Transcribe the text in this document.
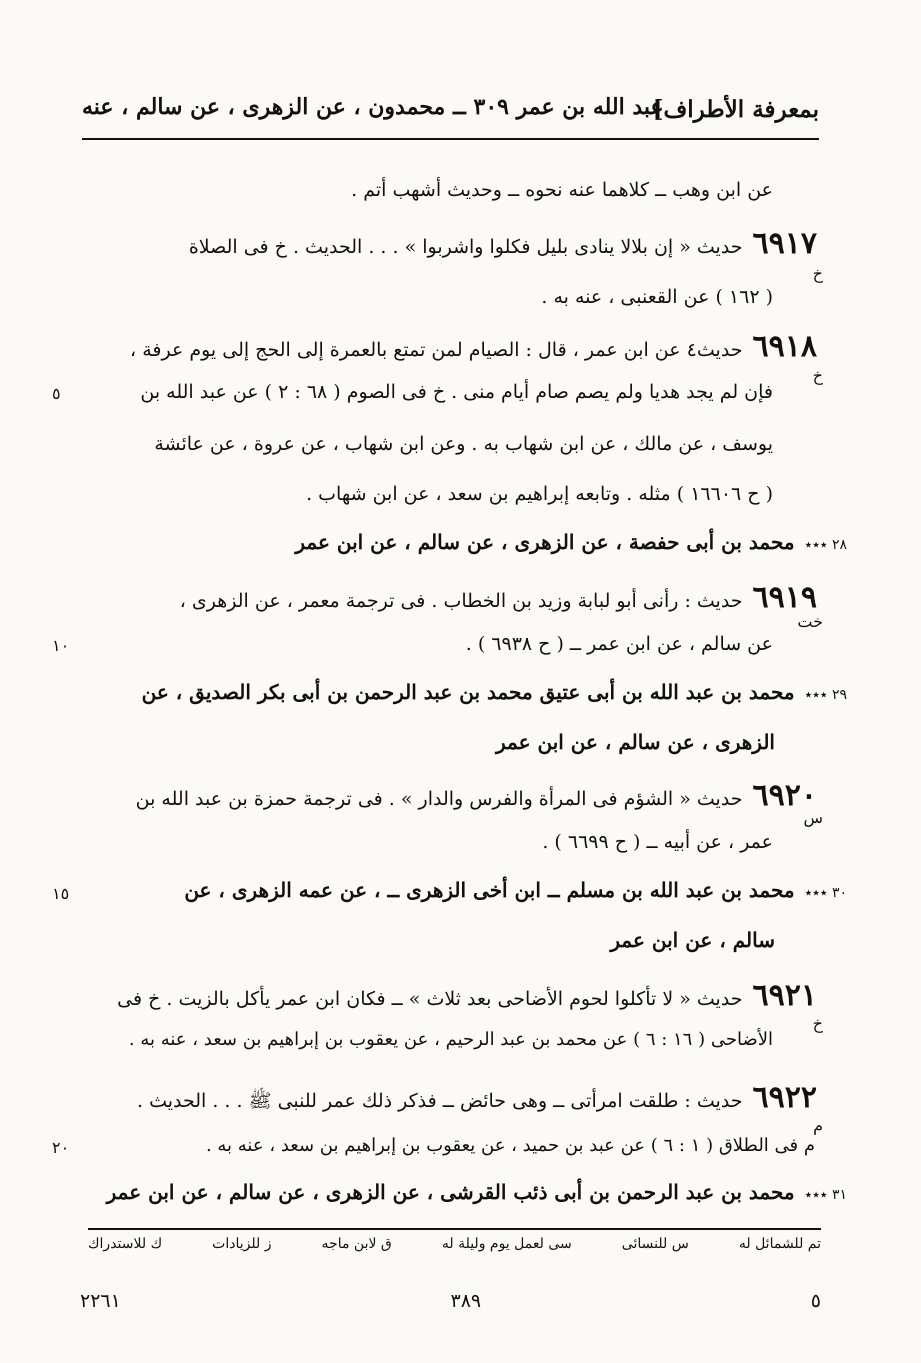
بمعرفة الأطراف]
عبد الله بن عمر ٣٠٩ ــ محمدون ، عن الزهرى ، عن سالم ، عنه
عن ابن وهب ــ كلاهما عنه نحوه ــ وحديث أشهب أتم .
٦٩١٧حديث « إن بلالا ينادى بليل فكلوا واشربوا » . . . الحديث . خ فى الصلاة
خ
( ١٦٢ ) عن القعنبى ، عنه به .
٦٩١٨حديث٤ عن ابن عمر ، قال : الصيام لمن تمتع بالعمرة إلى الحج إلى يوم عرفة ،
خ
فإن لم يجد هديا ولم يصم صام أيام منى . خ فى الصوم ( ٦٨ : ٢ ) عن عبد الله بن
٥
يوسف ، عن مالك ، عن ابن شهاب به . وعن ابن شهاب ، عن عروة ، عن عائشة
( ح ١٦٦٠٦ ) مثله . وتابعه إبراهيم بن سعد ، عن ابن شهاب .
٢٨ ٭٭٭محمد بن أبى حفصة ، عن الزهرى ، عن سالم ، عن ابن عمر
٦٩١٩حديث : رأنى أبو لبابة وزيد بن الخطاب . فى ترجمة معمر ، عن الزهرى ،
خت
عن سالم ، عن ابن عمر ــ ( ح ٦٩٣٨ ) .
١٠
٢٩ ٭٭٭محمد بن عبد الله بن أبى عتيق محمد بن عبد الرحمن بن أبى بكر الصديق ، عن
الزهرى ، عن سالم ، عن ابن عمر
٦٩٢٠حديث « الشؤم فى المرأة والفرس والدار » . فى ترجمة حمزة بن عبد الله بن
س
عمر ، عن أبيه ــ ( ح ٦٦٩٩ ) .
٣٠ ٭٭٭محمد بن عبد الله بن مسلم ــ ابن أخى الزهرى ــ ، عن عمه الزهرى ، عن
١٥
سالم ، عن ابن عمر
٦٩٢١حديث « لا تأكلوا لحوم الأضاحى بعد ثلاث » ــ فكان ابن عمر يأكل بالزيت . خ فى
خ
الأضاحى ( ١٦ : ٦ ) عن محمد بن عبد الرحيم ، عن يعقوب بن إبراهيم بن سعد ، عنه به .
٦٩٢٢حديث : طلقت امرأتى ــ وهى حائض ــ فذكر ذلك عمر للنبى ﷺ . . . الحديث .
م
م فى الطلاق ( ١ : ٦ ) عن عبد بن حميد ، عن يعقوب بن إبراهيم بن سعد ، عنه به .
٢٠
٣١ ٭٭٭محمد بن عبد الرحمن بن أبى ذئب القرشى ، عن الزهرى ، عن سالم ، عن ابن عمر
تم للشمائل له
س للنسائى
سى لعمل يوم وليلة له
ق لابن ماجه
ز للزيادات
ك للاستدراك
٥
٣٨٩
٢٢٦١
